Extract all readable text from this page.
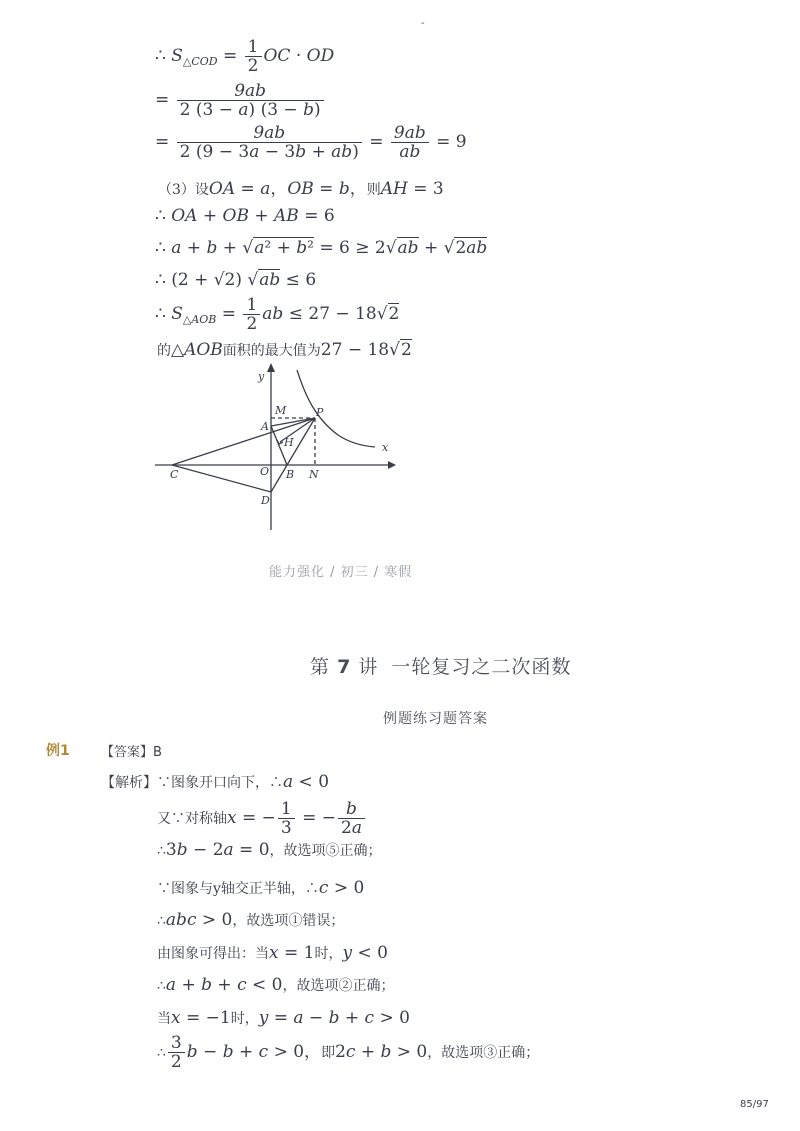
-
∴ $S_{\triangle COD} = \frac{1}{2}$ OC · OD
= $\frac{9ab}{2 (3 - a) (3 - b)}$
= $\frac{9ab}{2 (9 - 3a - 3b + ab)} = \frac{9ab}{ab} = 9$
（3）设OA = a，OB = b，则AH = 3
∴ OA + OB + AB = 6
∴ a + b + √a² + b² = 6 ≥ 2√ab + √2ab
∴ (2 + √2) √ab ≤ 6
∴ $S_{\triangle AOB} = \frac{1}{2}$ ab ≤ 27 − 18√2
的△AOB面积的最大值为27 − 18√2
y
x
M	P
A
H
C	O B N
D
能力强化 / 初三 / 寒假
第 7 讲 一轮复习之二次函数
例题练习题答案
例1 【答案】B
【解析】∵图象开口向下，∴a < 0
又∵对称轴x = − $\frac{1}{3}$ = − $\frac{b}{2a}$
∴3b − 2a = 0，故选项⑤正确；
∵图象与y轴交正半轴，∴c > 0
∴abc > 0，故选项①错误；
由图象可得出：当x = 1时，y < 0
∴a + b + c < 0，故选项②正确；
当x = −1时，y = a − b + c > 0
∴ $\frac{3}{2}$ b − b + c > 0，即2c + b > 0，故选项③正确；
85/97
